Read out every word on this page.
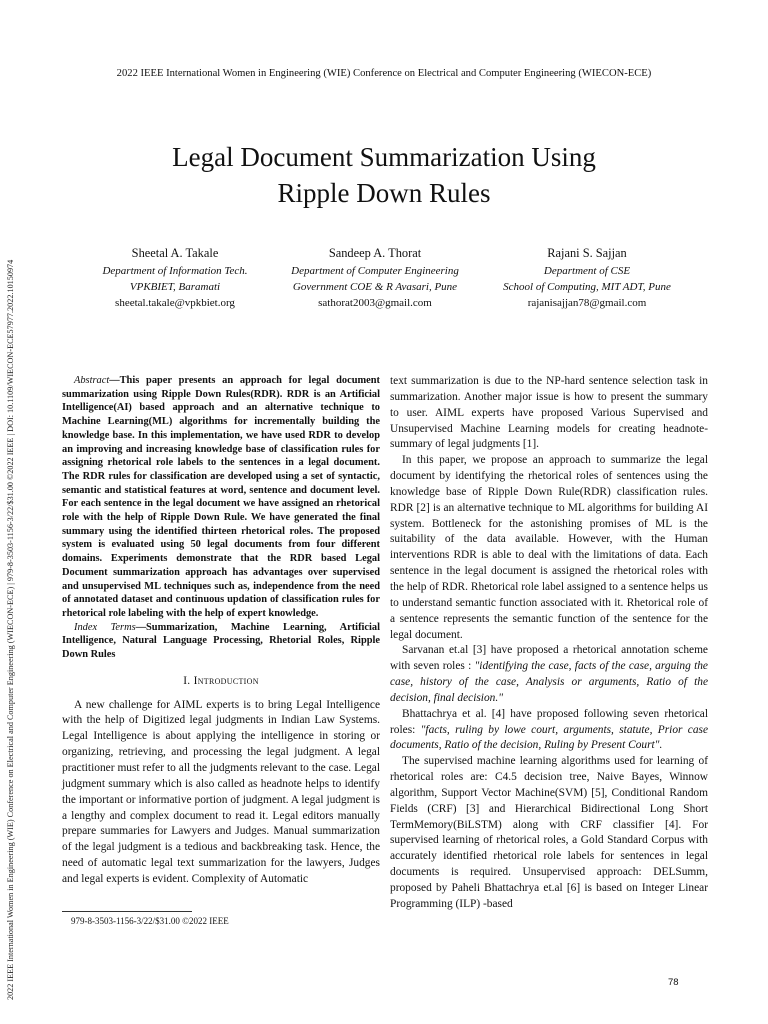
2022 IEEE International Women in Engineering (WIE) Conference on Electrical and Computer Engineering (WIECON-ECE) | 979-8-3503-1156-3/22/$31.00 ©2022 IEEE | DOI: 10.1109/WIECON-ECE57977.2022.10150974
2022 IEEE International Women in Engineering (WIE) Conference on Electrical and Computer Engineering (WIECON-ECE)
Legal Document Summarization Using
Ripple Down Rules
Sheetal A. Takale
Department of Information Tech.
VPKBIET, Baramati
sheetal.takale@vpkbiet.org
Sandeep A. Thorat
Department of Computer Engineering
Government COE & R Avasari, Pune
sathorat2003@gmail.com
Rajani S. Sajjan
Department of CSE
School of Computing, MIT ADT, Pune
rajanisajjan78@gmail.com

Abstract—This paper presents an approach for legal document summarization using Ripple Down Rules(RDR). RDR is an Artificial Intelligence(AI) based approach and an alternative technique to Machine Learning(ML) algorithms for incrementally building the knowledge base. In this implementation, we have used RDR to develop an improving and increasing knowledge base of classification rules for assigning rhetorical role labels to the sentences in a legal document. The RDR rules for classification are developed using a set of syntactic, semantic and statistical features at word, sentence and document level. For each sentence in the legal document we have assigned an rhetorical role with the help of Ripple Down Rule. We have generated the final summary using the identified thirteen rhetorical roles. The proposed system is evaluated using 50 legal documents from four different domains. Experiments demonstrate that the RDR based Legal Document summarization approach has advantages over supervised and unsupervised ML techniques such as, independence from the need of annotated dataset and continuous updation of classification rules for rhetorical role labeling with the help of expert knowledge.

Index Terms—Summarization, Machine Learning, Artificial Intelligence, Natural Language Processing, Rhetorial Roles, Ripple Down Rules

I. Introduction

A new challenge for AIML experts is to bring Legal Intelligence with the help of Digitized legal judgments in Indian Law Systems. Legal Intelligence is about applying the intelligence in storing or organizing, retrieving, and processing the legal judgment. A legal practitioner must refer to all the judgments relevant to the case. Legal judgment summary which is also called as headnote helps to identify the important or informative portion of judgment. A legal judgment is a lengthy and complex document to read it. Legal editors manually prepare summaries for Lawyers and Judges. Manual summarization of the legal judgment is a tedious and backbreaking task. Hence, the need of automatic legal text summarization for the lawyers, Judges and legal experts is evident. Complexity of Automatic

text summarization is due to the NP-hard sentence selection task in summarization. Another major issue is how to present the summary to user. AIML experts have proposed Various Supervised and Unsupervised Machine Learning models for creating headnote-summary of legal judgments [1].

In this paper, we propose an approach to summarize the legal document by identifying the rhetorical roles of sentences using the knowledge base of Ripple Down Rule(RDR) classification rules. RDR [2] is an alternative technique to ML algorithms for building AI system. Bottleneck for the astonishing promises of ML is the suitability of the data available. However, with the Human interventions RDR is able to deal with the limitations of data. Each sentence in the legal document is assigned the rhetorical roles with the help of RDR. Rhetorical role label assigned to a sentence helps us to understand semantic function associated with it. Rhetorical role of a sentence represents the semantic function of the sentence for the legal document.

Sarvanan et.al [3] have proposed a rhetorical annotation scheme with seven roles : "identifying the case, facts of the case, arguing the case, history of the case, Analysis or arguments, Ratio of the decision, final decision."

Bhattachrya et al. [4] have proposed following seven rhetorical roles: "facts, ruling by lowe court, arguments, statute, Prior case documents, Ratio of the decision, Ruling by Present Court".

The supervised machine learning algorithms used for learning of rhetorical roles are: C4.5 decision tree, Naive Bayes, Winnow algorithm, Support Vector Machine(SVM) [5], Conditional Random Fields (CRF) [3] and Hierarchical Bidirectional Long Short TermMemory(BiLSTM) along with CRF classifier [4]. For supervised learning of rhetorical roles, a Gold Standard Corpus with accurately identified rhetorical role labels for sentences in legal documents is required. Unsupervised approach: DELSumm, proposed by Paheli Bhattachrya et.al [6] is based on Integer Linear Programming (ILP) -based

979-8-3503-1156-3/22/$31.00 ©2022 IEEE
78
